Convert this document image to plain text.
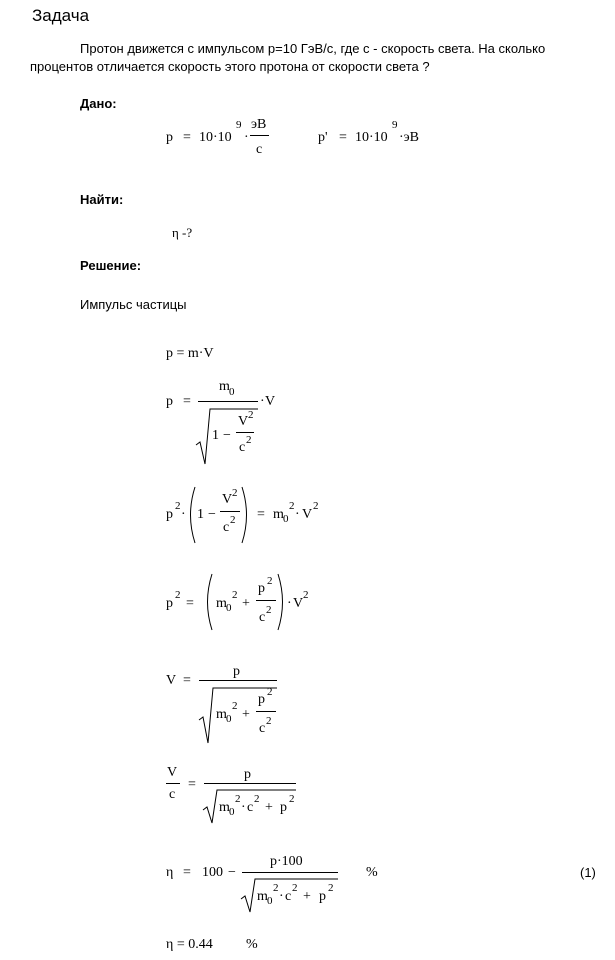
Задача
Протон движется с импульсом p=10 ГэВ/с, где с - скорость света. На сколько
процентов отличается скорость этого протона от скорости света ?
Дано:
p = 10·10
9
·
эВ
c
p' = 10·10
9
·эВ
Найти:
η -?
Решение:
Импульс частицы
p = m·V
p =
m 0
1 −
V 2
c 2
· V
p
2
· 1 −
V 2
c 2 = m 0
2
· V
2
p
2
= m 0
2
+
p 2
c 2 · V
2
V =
p
m 0
2
+
p 2
c 2
V
c
=
p
m 0
2
· c
2
+ p
2
η = 100 −
p·100
m 0
2
· c
2
+ p
2
%	(1)
η = 0.44 %
